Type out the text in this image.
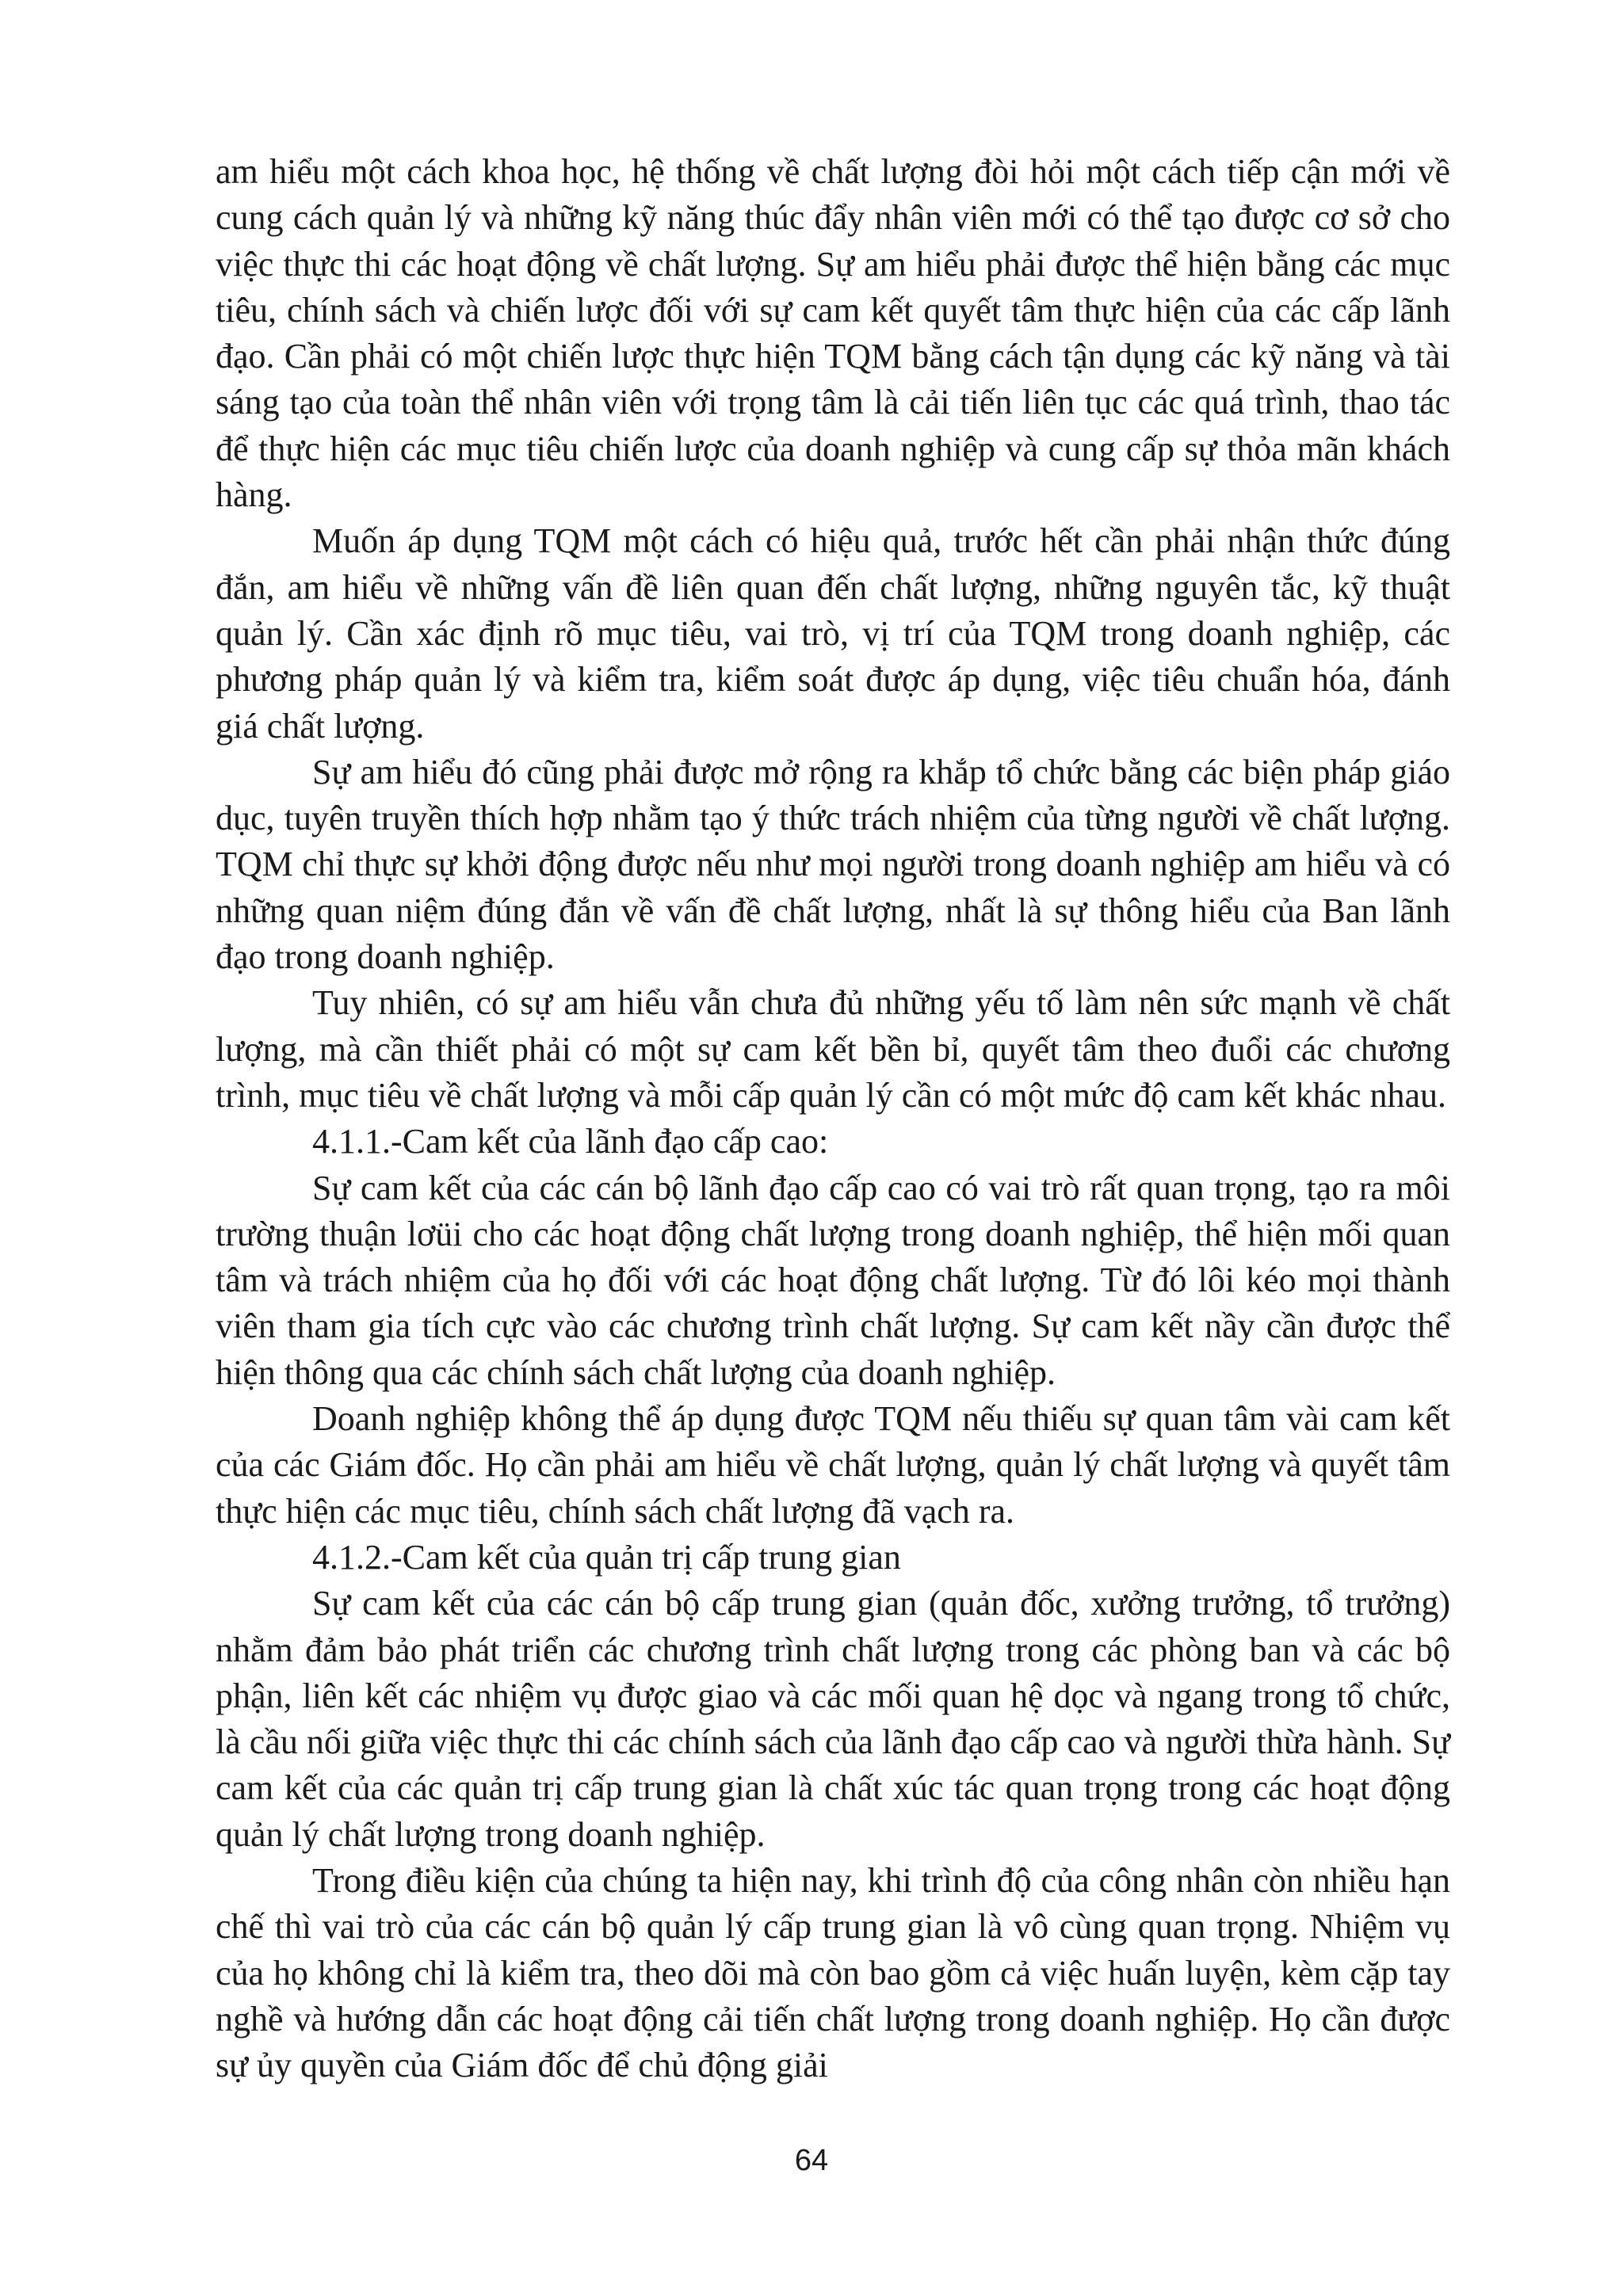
am hiểu một cách khoa học, hệ thống về chất lượng đòi hỏi một cách tiếp cận mới về cung cách quản lý và những kỹ năng thúc đẩy nhân viên mới có thể tạo được cơ sở cho việc thực thi các hoạt động về chất lượng. Sự am hiểu phải được thể hiện bằng các mục tiêu, chính sách và chiến lược đối với sự cam kết quyết tâm thực hiện của các cấp lãnh đạo. Cần phải có một chiến lược thực hiện TQM bằng cách tận dụng các kỹ năng và tài sáng tạo của toàn thể nhân viên với trọng tâm là cải tiến liên tục các quá trình, thao tác để thực hiện các mục tiêu chiến lược của doanh nghiệp và cung cấp sự thỏa mãn khách hàng.

Muốn áp dụng TQM một cách có hiệu quả, trước hết cần phải nhận thức đúng đắn, am hiểu về những vấn đề liên quan đến chất lượng, những nguyên tắc, kỹ thuật quản lý. Cần xác định rõ mục tiêu, vai trò, vị trí của TQM trong doanh nghiệp, các phương pháp quản lý và kiểm tra, kiểm soát được áp dụng, việc tiêu chuẩn hóa, đánh giá chất lượng.

Sự am hiểu đó cũng phải được mở rộng ra khắp tổ chức bằng các biện pháp giáo dục, tuyên truyền thích hợp nhằm tạo ý thức trách nhiệm của từng người về chất lượng. TQM chỉ thực sự khởi động được nếu như mọi người trong doanh nghiệp am hiểu và có những quan niệm đúng đắn về vấn đề chất lượng, nhất là sự thông hiểu của Ban lãnh đạo trong doanh nghiệp.

Tuy nhiên, có sự am hiểu vẫn chưa đủ những yếu tố làm nên sức mạnh về chất lượng, mà cần thiết phải có một sự cam kết bền bỉ, quyết tâm theo đuổi các chương trình, mục tiêu về chất lượng và mỗi cấp quản lý cần có một mức độ cam kết khác nhau.

4.1.1.-Cam kết của lãnh đạo cấp cao:

Sự cam kết của các cán bộ lãnh đạo cấp cao có vai trò rất quan trọng, tạo ra môi trường thuận lơüi cho các hoạt động chất lượng trong doanh nghiệp, thể hiện mối quan tâm và trách nhiệm của họ đối với các hoạt động chất lượng. Từ đó lôi kéo mọi thành viên tham gia tích cực vào các chương trình chất lượng. Sự cam kết nầy cần được thể hiện thông qua các chính sách chất lượng của doanh nghiệp.

Doanh nghiệp không thể áp dụng được TQM nếu thiếu sự quan tâm vài cam kết của các Giám đốc. Họ cần phải am hiểu về chất lượng, quản lý chất lượng và quyết tâm thực hiện các mục tiêu, chính sách chất lượng đã vạch ra.

4.1.2.-Cam kết của quản trị cấp trung gian

Sự cam kết của các cán bộ cấp trung gian (quản đốc, xưởng trưởng, tổ trưởng) nhằm đảm bảo phát triển các chương trình chất lượng trong các phòng ban và các bộ phận, liên kết các nhiệm vụ được giao và các mối quan hệ dọc và ngang trong tổ chức, là cầu nối giữa việc thực thi các chính sách của lãnh đạo cấp cao và người thừa hành. Sự cam kết của các quản trị cấp trung gian là chất xúc tác quan trọng trong các hoạt động quản lý chất lượng trong doanh nghiệp.

Trong điều kiện của chúng ta hiện nay, khi trình độ của công nhân còn nhiều hạn chế thì vai trò của các cán bộ quản lý cấp trung gian là vô cùng quan trọng. Nhiệm vụ của họ không chỉ là kiểm tra, theo dõi mà còn bao gồm cả việc huấn luyện, kèm cặp tay nghề và hướng dẫn các hoạt động cải tiến chất lượng trong doanh nghiệp. Họ cần được sự ủy quyền của Giám đốc để chủ động giải

64
